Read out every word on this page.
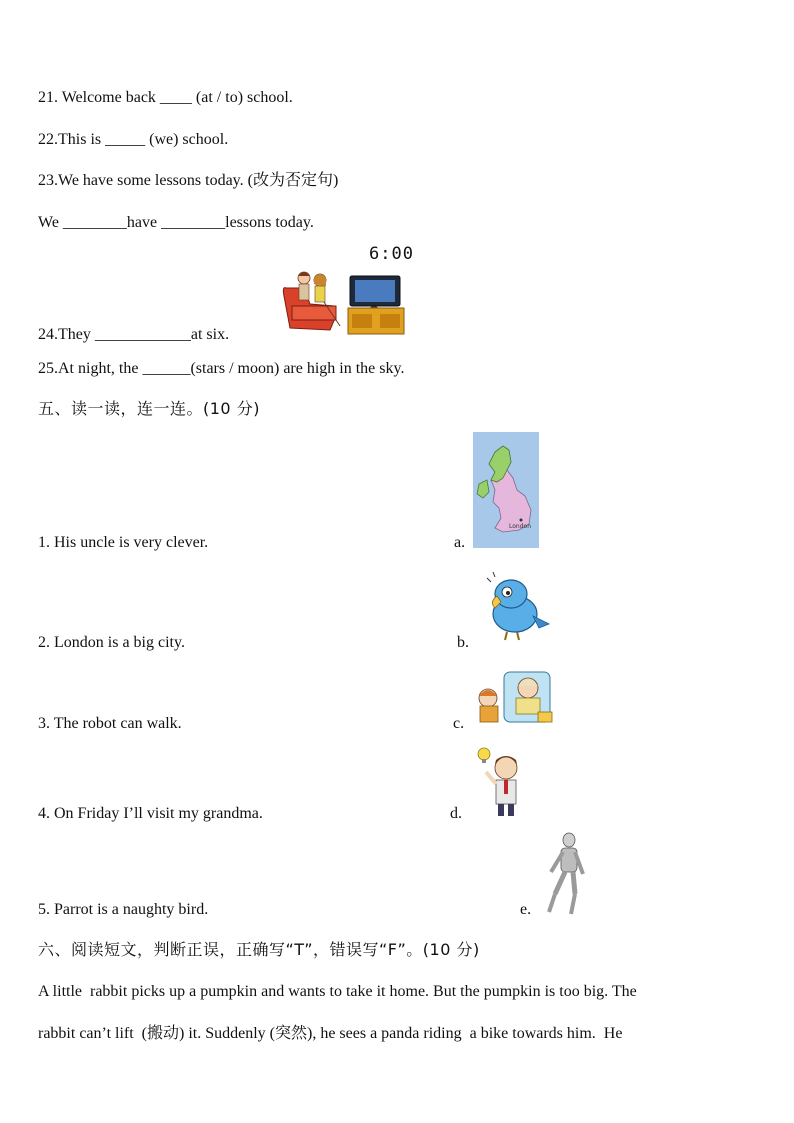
21. Welcome back ____ (at / to) school.
22.This is _____ (we) school.
23.We have some lessons today. (改为否定句)
We ________have ________lessons today.
6:00
24.They ____________at six.
25.At night, the ______(stars / moon) are high in the sky.
五、读一读，连一连。(10 分)
London
1. His uncle is very clever.	a.
2. London is a big city.	b.
3. The robot can walk.	c.
4. On Friday I’ll visit my grandma.	d.
5. Parrot is a naughty bird.	e.
六、阅读短文，判断正误，正确写“T”，错误写“F”。(10 分)
A little  rabbit picks up a pumpkin and wants to take it home. But the pumpkin is too big. The
rabbit can’t lift  (搬动) it. Suddenly (突然), he sees a panda riding  a bike towards him.  He
